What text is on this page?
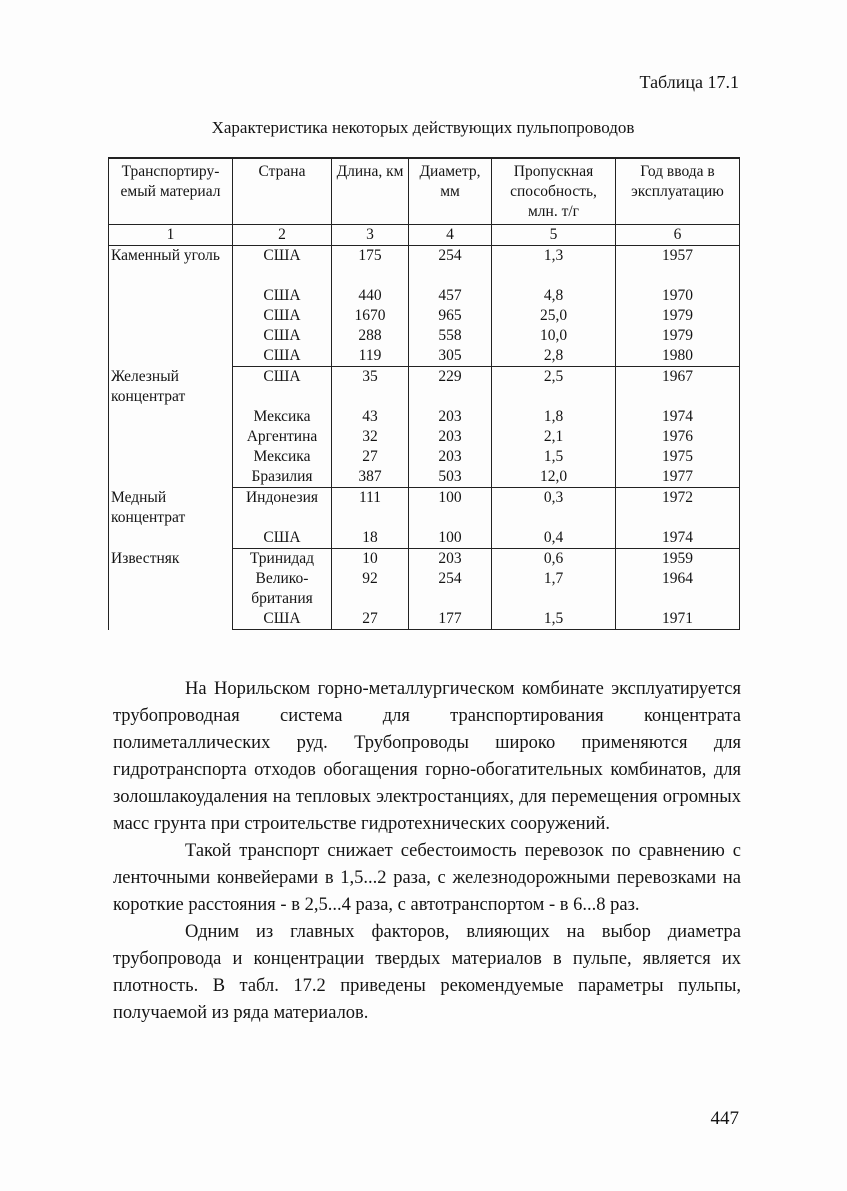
Таблица 17.1
Характеристика некоторых действующих пульпопроводов
Транспортиру-емый материал	Страна	Длина, км	Диаметр, мм	Пропускная способность, млн. т/г	Год ввода в эксплуатацию
1	2	3	4	5	6
Каменный уголь	США	175	254	1,3	1957
	США	440	457	4,8	1970
	США	1670	965	25,0	1979
	США	288	558	10,0	1979
	США	119	305	2,8	1980
Железный концентрат	США	35	229	2,5	1967
	Мексика	43	203	1,8	1974
	Аргентина	32	203	2,1	1976
	Мексика	27	203	1,5	1975
	Бразилия	387	503	12,0	1977
Медный концентрат	Индонезия	111	100	0,3	1972
	США	18	100	0,4	1974
Известняк	Тринидад	10	203	0,6	1959
	Велико-британия	92	254	1,7	1964
	США	27	177	1,5	1971

На Норильском горно-металлургическом комбинате эксплуатируется трубопроводная система для транспортирования концентрата полиметаллических руд. Трубопроводы широко применяются для гидротранспорта отходов обогащения горно-обогатительных комбинатов, для золошлакоудаления на тепловых электростанциях, для перемещения огромных масс грунта при строительстве гидротехнических сооружений.

Такой транспорт снижает себестоимость перевозок по сравнению с ленточными конвейерами в 1,5...2 раза, с железнодорожными перевозками на короткие расстояния - в 2,5...4 раза, с автотранспортом - в 6...8 раз.

Одним из главных факторов, влияющих на выбор диаметра трубопровода и концентрации твердых материалов в пульпе, является их плотность. В табл. 17.2 приведены рекомендуемые параметры пульпы, получаемой из ряда материалов.

447
